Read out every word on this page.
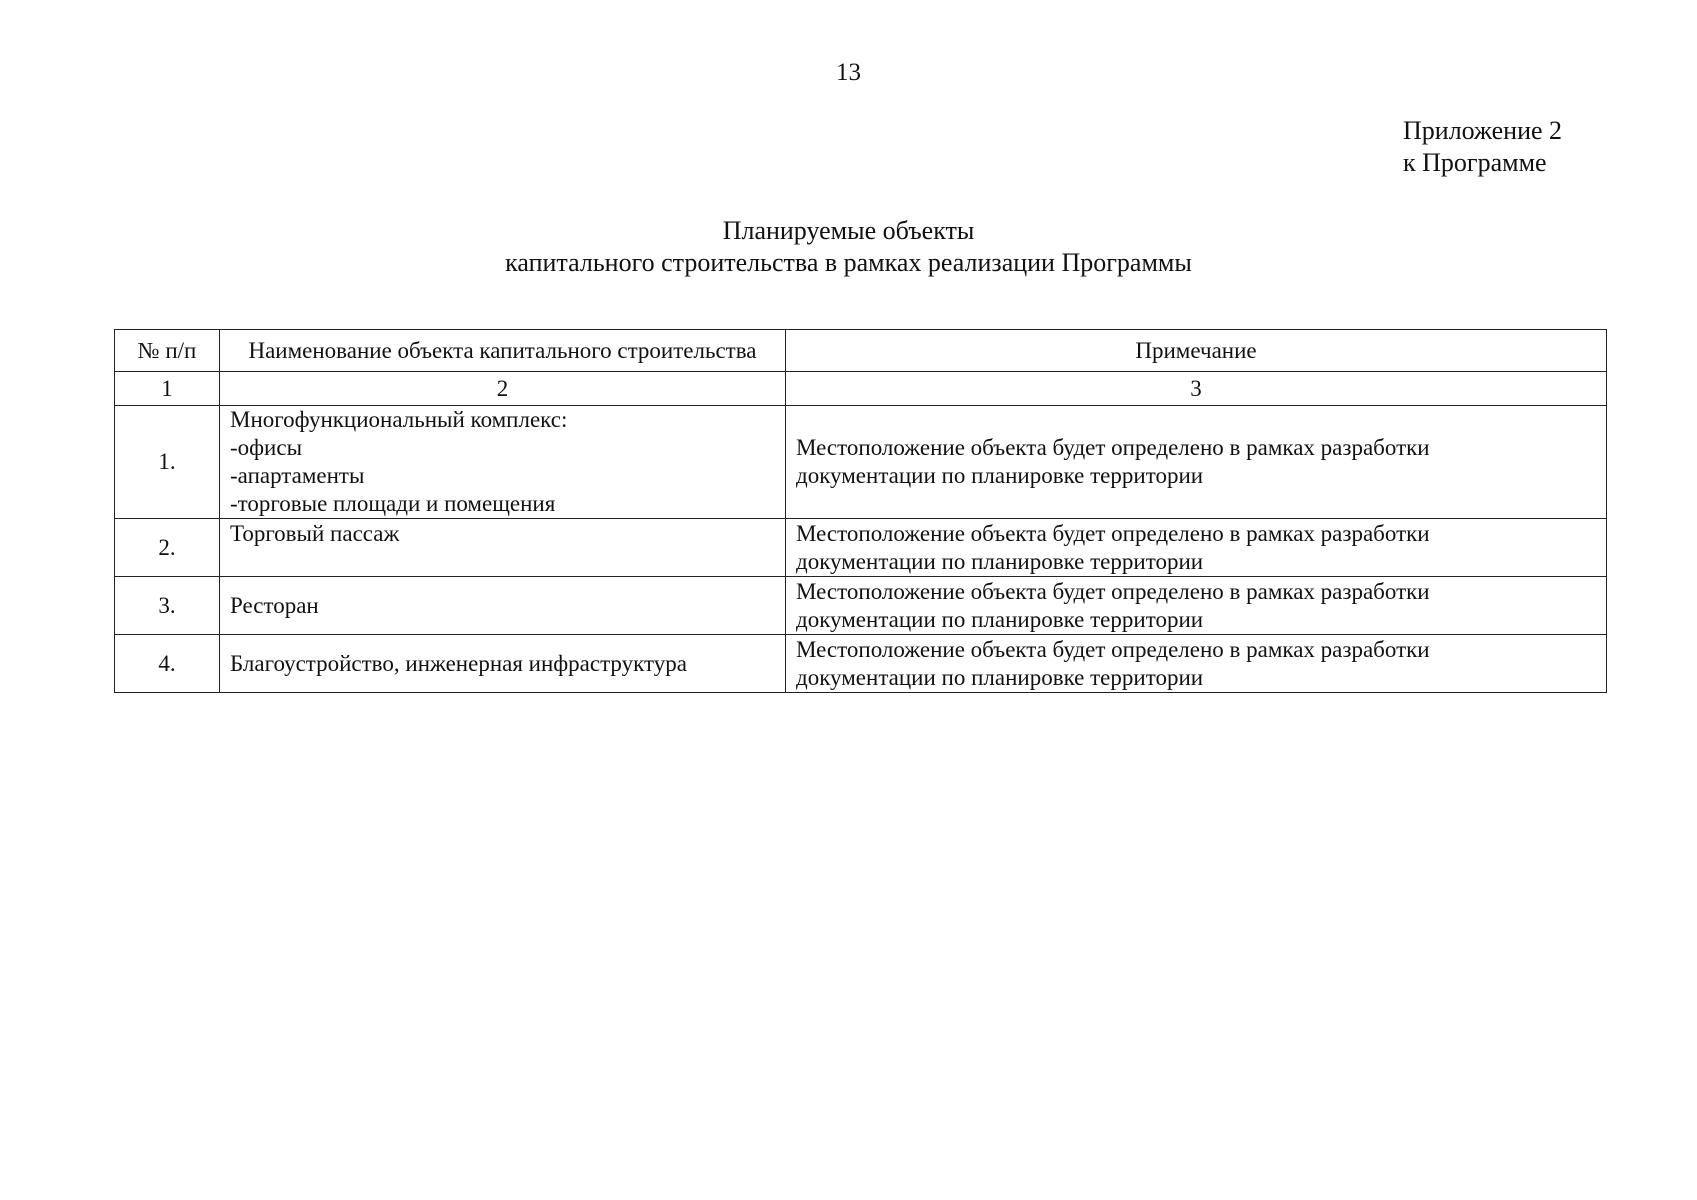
13
Приложение 2
к Программе
Планируемые объекты
капитального строительства в рамках реализации Программы
№ п/п	Наименование объекта капитального строительства	Примечание
1	2	3
1.	Многофункциональный комплекс:
-офисы
-апартаменты
-торговые площади и помещения	Местоположение объекта будет определено в рамках разработки
документации по планировке территории

2.	Торговый пассаж	Местоположение объекта будет определено в рамках разработки
документации по планировке территории

3.	Ресторан	Местоположение объекта будет определено в рамках разработки
документации по планировке территории

4.	Благоустройство, инженерная инфраструктура	Местоположение объекта будет определено в рамках разработки
документации по планировке территории
